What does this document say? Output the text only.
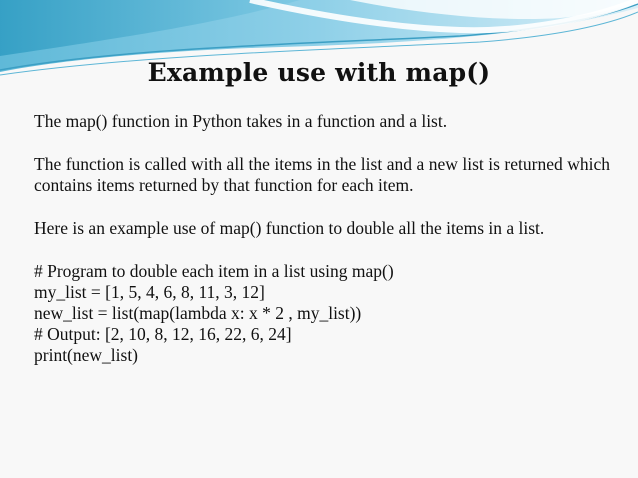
Example use with map()

The map() function in Python takes in a function and a list.

The function is called with all the items in the list and a new list is returned which contains items returned by that function for each item.

Here is an example use of map() function to double all the items in a list.

# Program to double each item in a list using map()

my_list = [1, 5, 4, 6, 8, 11, 3, 12]

new_list = list(map(lambda x: x * 2 , my_list))

# Output: [2, 10, 8, 12, 16, 22, 6, 24]

print(new_list)
